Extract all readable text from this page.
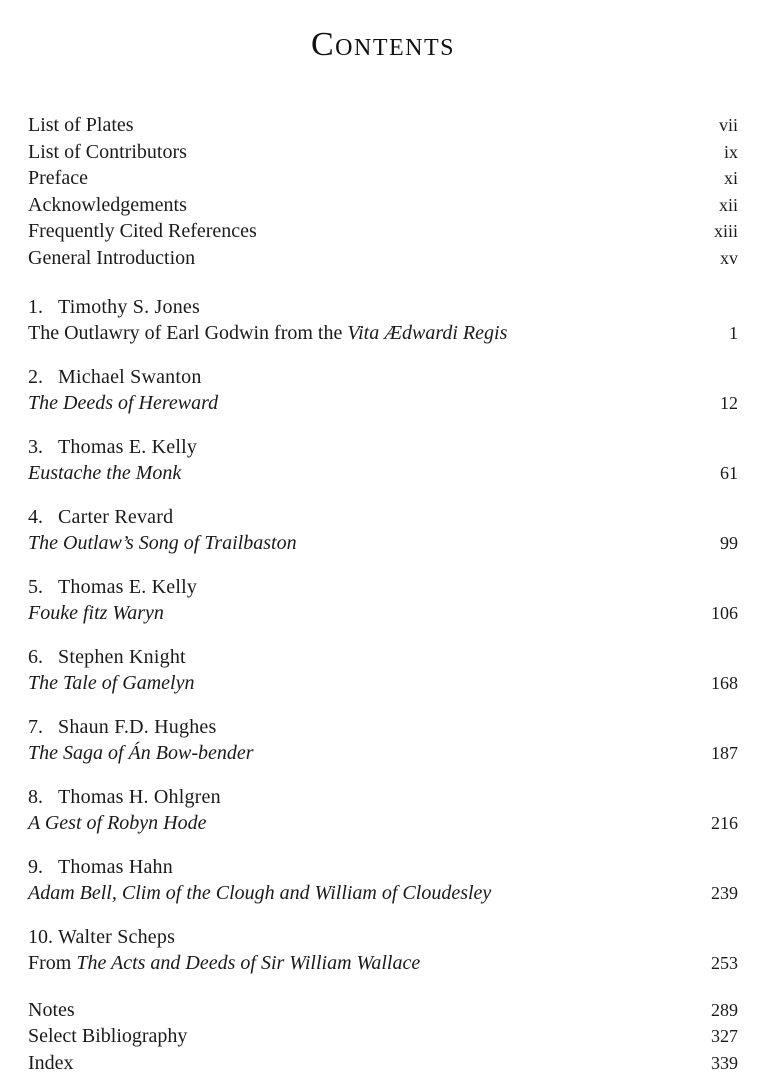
Contents
List of Plates	vii
List of Contributors	ix
Preface	xi
Acknowledgements	xii
Frequently Cited References	xiii
General Introduction	xv
1. Timothy S. Jones
The Outlawry of Earl Godwin from the Vita Ædwardi Regis	1
2. Michael Swanton
The Deeds of Hereward	12
3. Thomas E. Kelly
Eustache the Monk	61
4. Carter Revard
The Outlaw’s Song of Trailbaston	99
5. Thomas E. Kelly
Fouke fitz Waryn	106
6. Stephen Knight
The Tale of Gamelyn	168
7. Shaun F.D. Hughes
The Saga of Án Bow-bender	187
8. Thomas H. Ohlgren
A Gest of Robyn Hode	216
9. Thomas Hahn
Adam Bell, Clim of the Clough and William of Cloudesley	239
10. Walter Scheps
From The Acts and Deeds of Sir William Wallace	253
Notes	289
Select Bibliography	327
Index	339
